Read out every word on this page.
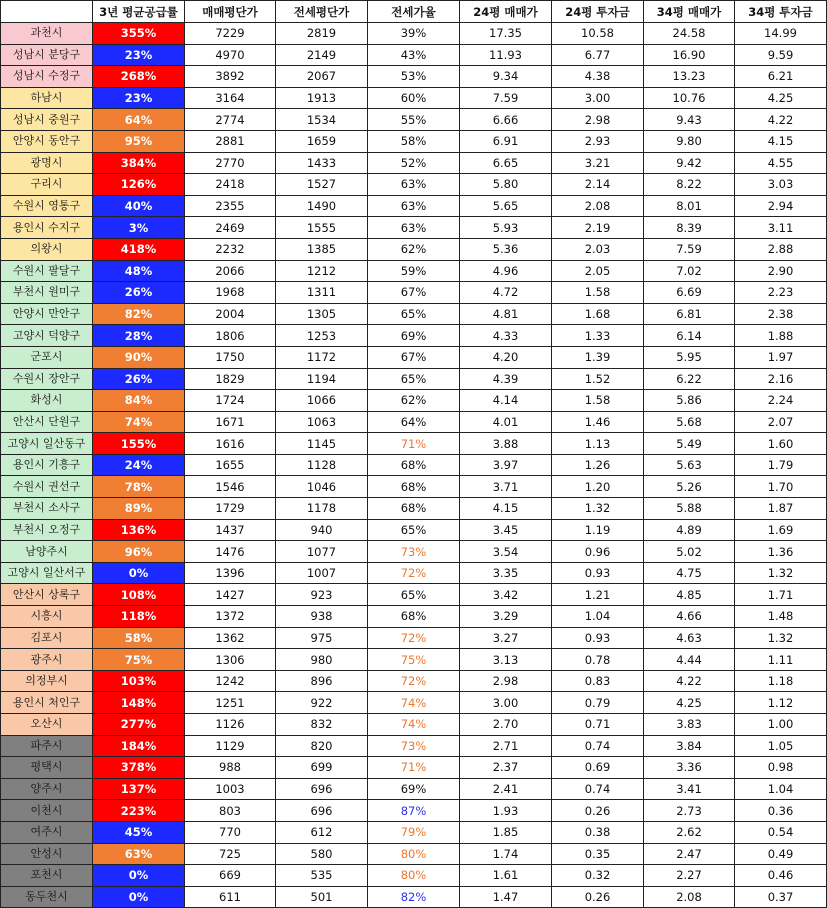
	3년 평균공급률	매매평단가	전세평단가	전세가율	24평 매매가	24평 투자금	34평 매매가	34평 투자금
과천시	355%	7229	2819	39%	17.35	10.58	24.58	14.99
성남시 분당구	23%	4970	2149	43%	11.93	6.77	16.90	9.59
성남시 수정구	268%	3892	2067	53%	9.34	4.38	13.23	6.21
하남시	23%	3164	1913	60%	7.59	3.00	10.76	4.25
성남시 중원구	64%	2774	1534	55%	6.66	2.98	9.43	4.22
안양시 동안구	95%	2881	1659	58%	6.91	2.93	9.80	4.15
광명시	384%	2770	1433	52%	6.65	3.21	9.42	4.55
구리시	126%	2418	1527	63%	5.80	2.14	8.22	3.03
수원시 영통구	40%	2355	1490	63%	5.65	2.08	8.01	2.94
용인시 수지구	3%	2469	1555	63%	5.93	2.19	8.39	3.11
의왕시	418%	2232	1385	62%	5.36	2.03	7.59	2.88
수원시 팔달구	48%	2066	1212	59%	4.96	2.05	7.02	2.90
부천시 원미구	26%	1968	1311	67%	4.72	1.58	6.69	2.23
안양시 만안구	82%	2004	1305	65%	4.81	1.68	6.81	2.38
고양시 덕양구	28%	1806	1253	69%	4.33	1.33	6.14	1.88
군포시	90%	1750	1172	67%	4.20	1.39	5.95	1.97
수원시 장안구	26%	1829	1194	65%	4.39	1.52	6.22	2.16
화성시	84%	1724	1066	62%	4.14	1.58	5.86	2.24
안산시 단원구	74%	1671	1063	64%	4.01	1.46	5.68	2.07
고양시 일산동구	155%	1616	1145	71%	3.88	1.13	5.49	1.60
용인시 기흥구	24%	1655	1128	68%	3.97	1.26	5.63	1.79
수원시 권선구	78%	1546	1046	68%	3.71	1.20	5.26	1.70
부천시 소사구	89%	1729	1178	68%	4.15	1.32	5.88	1.87
부천시 오정구	136%	1437	940	65%	3.45	1.19	4.89	1.69
남양주시	96%	1476	1077	73%	3.54	0.96	5.02	1.36
고양시 일산서구	0%	1396	1007	72%	3.35	0.93	4.75	1.32
안산시 상록구	108%	1427	923	65%	3.42	1.21	4.85	1.71
시흥시	118%	1372	938	68%	3.29	1.04	4.66	1.48
김포시	58%	1362	975	72%	3.27	0.93	4.63	1.32
광주시	75%	1306	980	75%	3.13	0.78	4.44	1.11
의정부시	103%	1242	896	72%	2.98	0.83	4.22	1.18
용인시 처인구	148%	1251	922	74%	3.00	0.79	4.25	1.12
오산시	277%	1126	832	74%	2.70	0.71	3.83	1.00
파주시	184%	1129	820	73%	2.71	0.74	3.84	1.05
평택시	378%	988	699	71%	2.37	0.69	3.36	0.98
양주시	137%	1003	696	69%	2.41	0.74	3.41	1.04
이천시	223%	803	696	87%	1.93	0.26	2.73	0.36
여주시	45%	770	612	79%	1.85	0.38	2.62	0.54
안성시	63%	725	580	80%	1.74	0.35	2.47	0.49
포천시	0%	669	535	80%	1.61	0.32	2.27	0.46
동두천시	0%	611	501	82%	1.47	0.26	2.08	0.37
